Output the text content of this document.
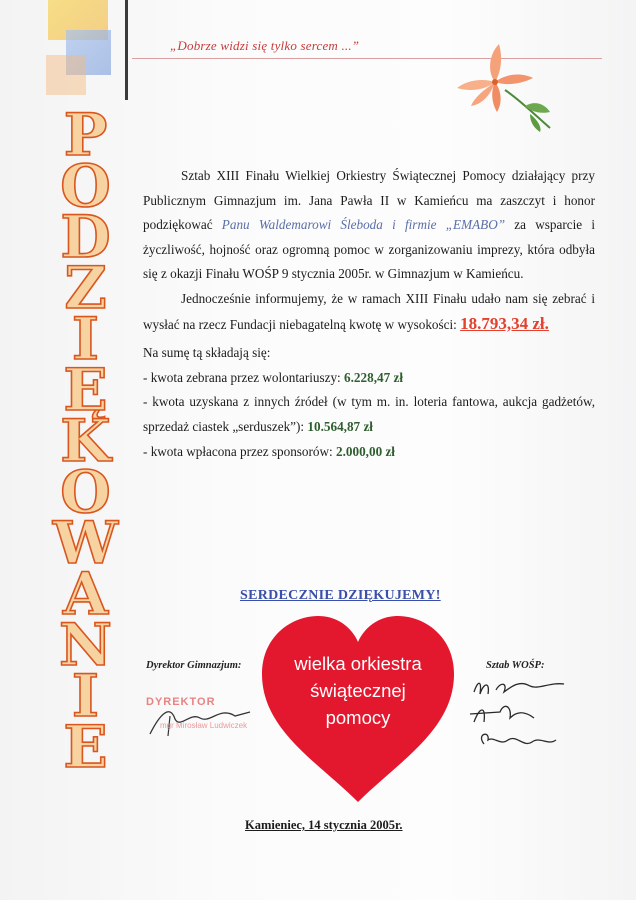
„Dobrze widzi się tylko sercem ...”
P
O
D
Z
I
Ę
K
O
W
A
N
I
E

Sztab XIII Finału Wielkiej Orkiestry Świątecznej Pomocy działający przy Publicznym Gimnazjum im. Jana Pawła II w Kamieńcu ma zaszczyt i honor podziękować Panu Waldemarowi Śleboda i firmie „EMABO” za wsparcie i życzliwość, hojność oraz ogromną pomoc w zorganizowaniu imprezy, która odbyła się z okazji Finału WOŚP 9 stycznia 2005r. w Gimnazjum w Kamieńcu.

Jednocześnie informujemy, że w ramach XIII Finału udało nam się zebrać i wysłać na rzecz Fundacji niebagatelną kwotę w wysokości: 18.793,34 zł.

Na sumę tą składają się:

- kwota zebrana przez wolontariuszy: 6.228,47 zł

- kwota uzyskana z innych źródeł (w tym m. in. loteria fantowa, aukcja gadżetów, sprzedaż ciastek „serduszek”): 10.564,87 zł

- kwota wpłacona przez sponsorów: 2.000,00 zł

SERDECZNIE DZIĘKUJEMY!
wielka orkiestra
świątecznej
pomocy
Dyrektor Gimnazjum:
DYREKTOR
mgr Mirosław Ludwiczek
Sztab WOŚP:
Kamieniec, 14 stycznia 2005r.
